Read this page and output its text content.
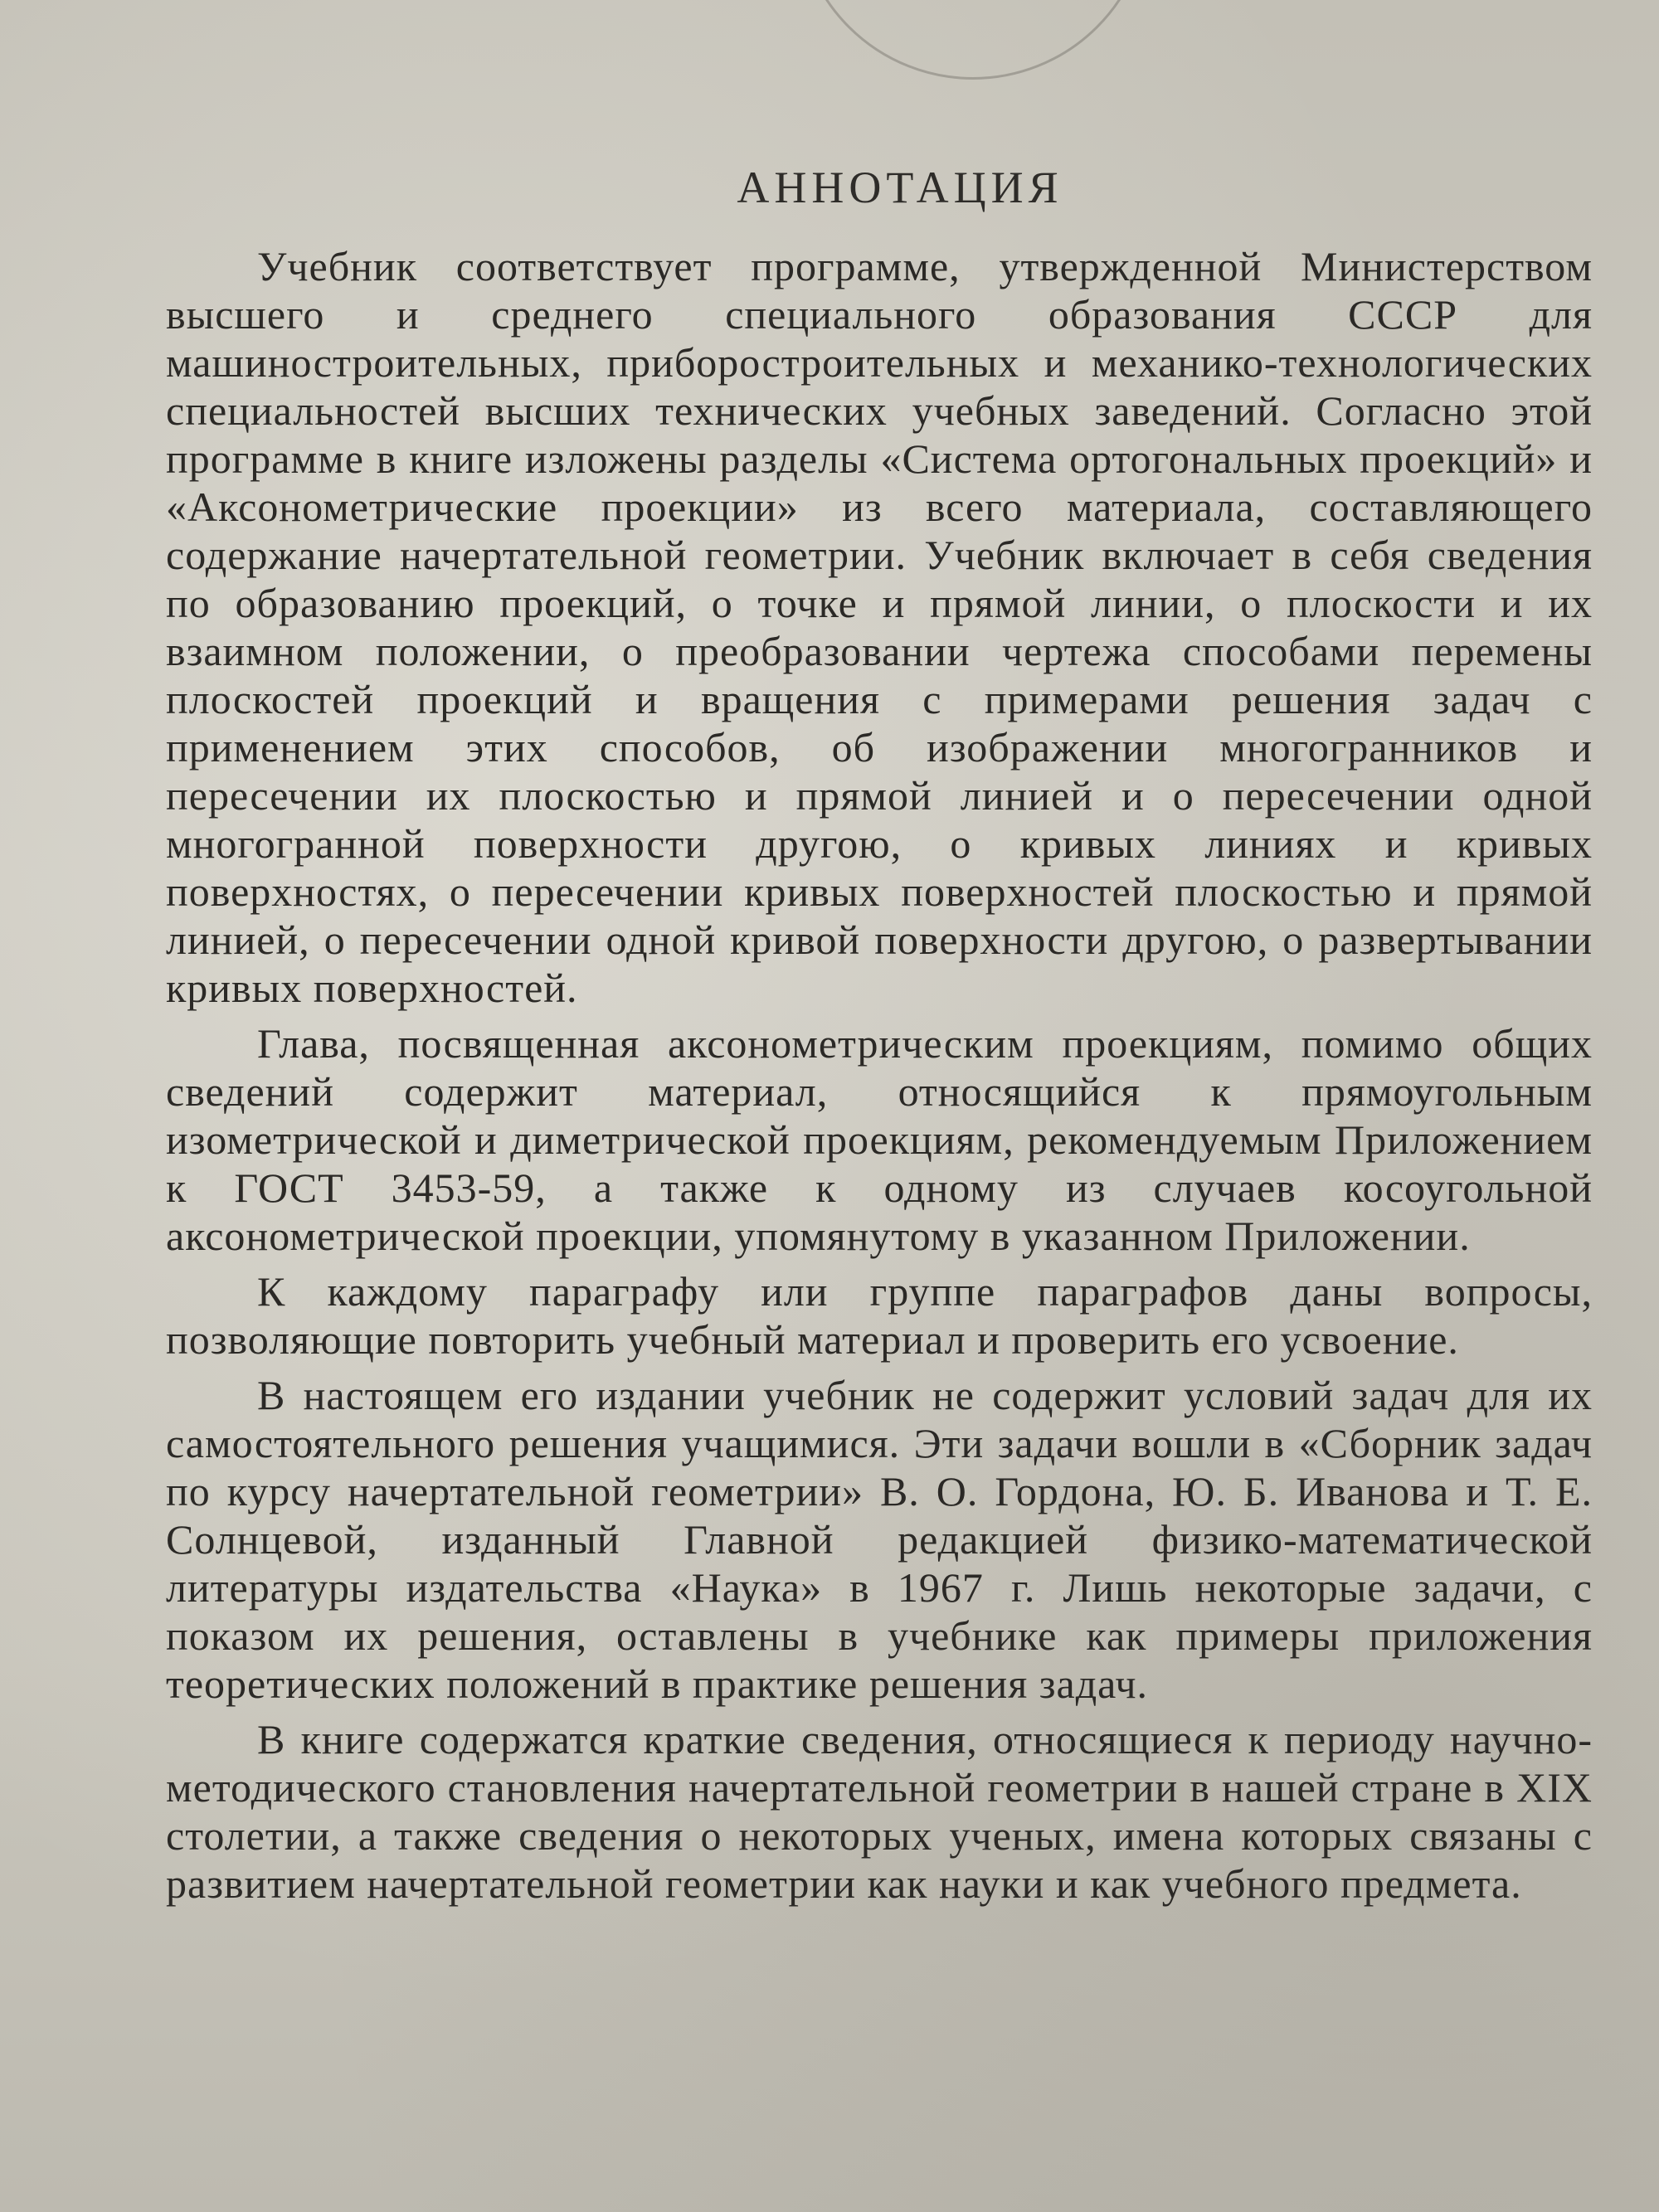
АННОТАЦИЯ

Учебник соответствует программе, утвержденной Министерством высшего и среднего специального образования СССР для машиностроительных, приборостроительных и механико-технологических специальностей высших технических учебных заведений. Согласно этой программе в книге изложены разделы «Система ортогональных проекций» и «Аксонометрические проекции» из всего материала, составляющего содержание начертательной геометрии. Учебник включает в себя сведения по образованию проекций, о точке и прямой линии, о плоскости и их взаимном положении, о преобразовании чертежа способами перемены плоскостей проекций и вращения с примерами решения задач с применением этих способов, об изображении многогранников и пересечении их плоскостью и прямой линией и о пересечении одной многогранной поверхности другою, о кривых линиях и кривых поверхностях, о пересечении кривых поверхностей плоскостью и прямой линией, о пересечении одной кривой поверхности другою, о развертывании кривых поверхностей.

Глава, посвященная аксонометрическим проекциям, помимо общих сведений содержит материал, относящийся к прямоугольным изометрической и диметрической проекциям, рекомендуемым Приложением к ГОСТ 3453-59, а также к одному из случаев косоугольной аксонометрической проекции, упомянутому в указанном Приложении.

К каждому параграфу или группе параграфов даны вопросы, позволяющие повторить учебный материал и проверить его усвоение.

В настоящем его издании учебник не содержит условий задач для их самостоятельного решения учащимися. Эти задачи вошли в «Сборник задач по курсу начертательной геометрии» В. О. Гордона, Ю. Б. Иванова и Т. Е. Солнцевой, изданный Главной редакцией физико-математической литературы издательства «Наука» в 1967 г. Лишь некоторые задачи, с показом их решения, оставлены в учебнике как примеры приложения теоретических положений в практике решения задач.

В книге содержатся краткие сведения, относящиеся к периоду научно-методического становления начертательной геометрии в нашей стране в XIX столетии, а также сведения о некоторых ученых, имена которых связаны с развитием начертательной геометрии как науки и как учебного предмета.
